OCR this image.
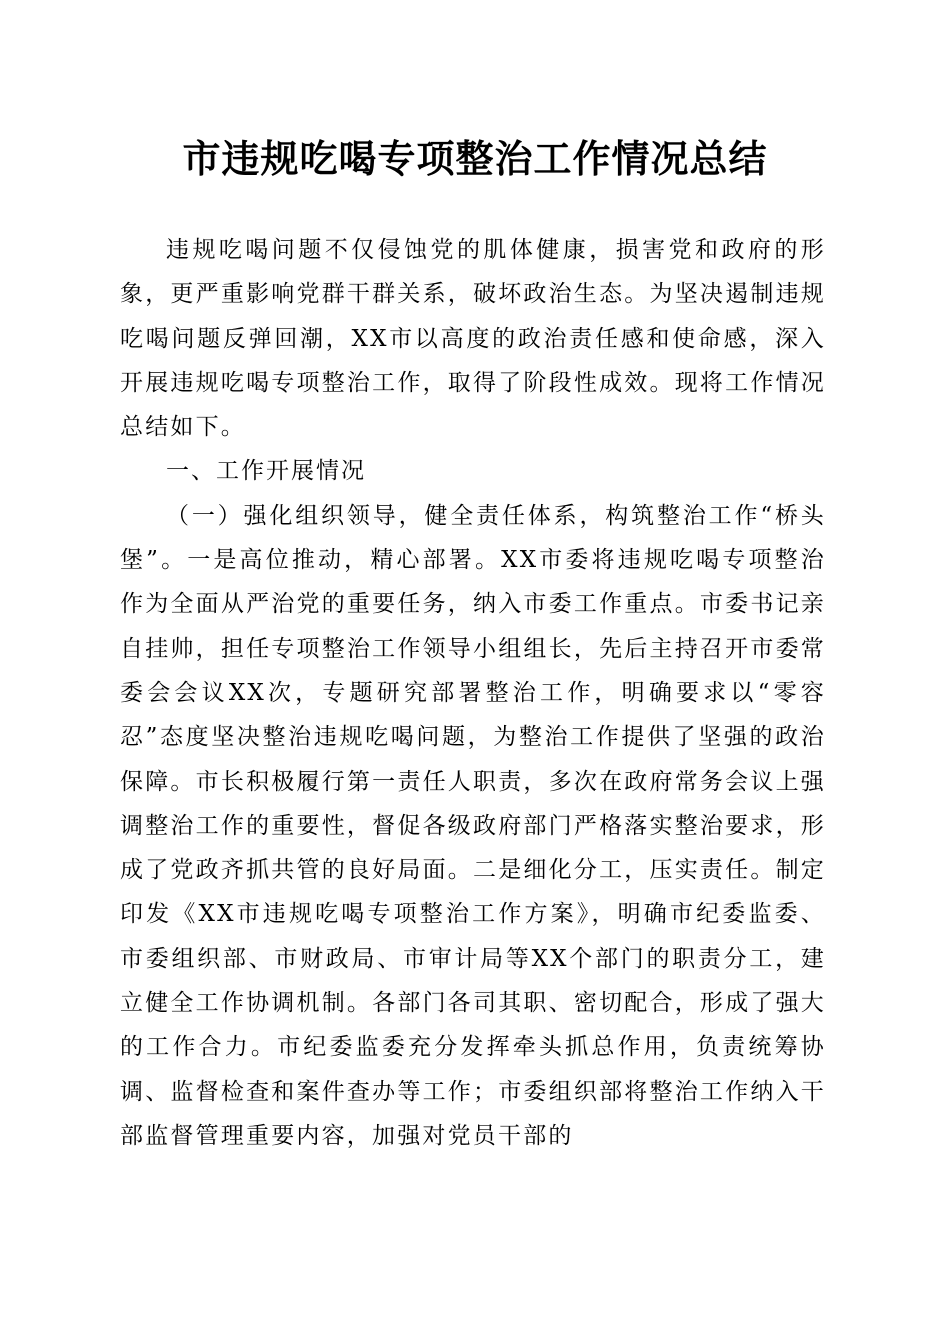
市违规吃喝专项整治工作情况总结

违规吃喝问题不仅侵蚀党的肌体健康，损害党和政府的形象，更严重影响党群干群关系，破坏政治生态。为坚决遏制违规吃喝问题反弹回潮，XX市以高度的政治责任感和使命感，深入开展违规吃喝专项整治工作，取得了阶段性成效。现将工作情况总结如下。

一、工作开展情况

（一）强化组织领导，健全责任体系，构筑整治工作“桥头堡”。一是高位推动，精心部署。XX市委将违规吃喝专项整治作为全面从严治党的重要任务，纳入市委工作重点。市委书记亲自挂帅，担任专项整治工作领导小组组长，先后主持召开市委常委会会议XX次，专题研究部署整治工作，明确要求以“零容忍”态度坚决整治违规吃喝问题，为整治工作提供了坚强的政治保障。市长积极履行第一责任人职责，多次在政府常务会议上强调整治工作的重要性，督促各级政府部门严格落实整治要求，形成了党政齐抓共管的良好局面。二是细化分工，压实责任。制定印发《XX市违规吃喝专项整治工作方案》，明确市纪委监委、市委组织部、市财政局、市审计局等XX个部门的职责分工，建立健全工作协调机制。各部门各司其职、密切配合，形成了强大的工作合力。市纪委监委充分发挥牵头抓总作用，负责统筹协调、监督检查和案件查办等工作；市委组织部将整治工作纳入干部监督管理重要内容，加强对党员干部的
